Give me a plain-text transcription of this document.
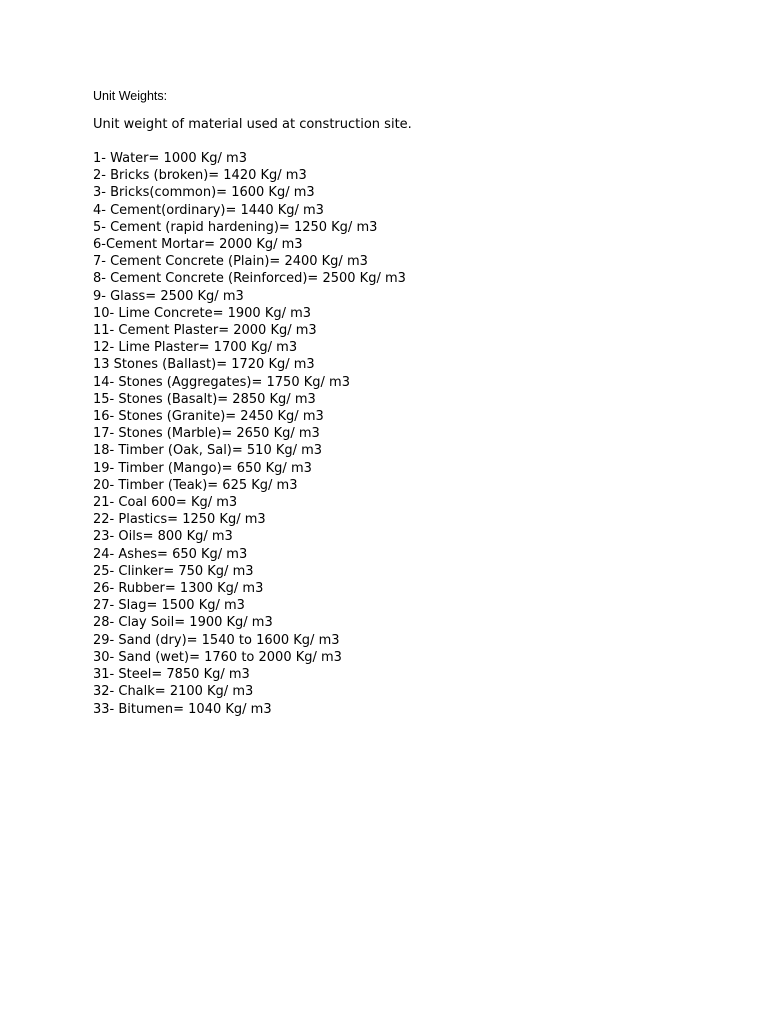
Unit Weights:
Unit weight of material used at construction site.
1- Water= 1000 Kg/ m3
2- Bricks (broken)= 1420 Kg/ m3
3- Bricks(common)= 1600 Kg/ m3
4- Cement(ordinary)= 1440 Kg/ m3
5- Cement (rapid hardening)= 1250 Kg/ m3
6-Cement Mortar= 2000 Kg/ m3
7- Cement Concrete (Plain)= 2400 Kg/ m3
8- Cement Concrete (Reinforced)= 2500 Kg/ m3
9- Glass= 2500 Kg/ m3
10- Lime Concrete= 1900 Kg/ m3
11- Cement Plaster= 2000 Kg/ m3
12- Lime Plaster= 1700 Kg/ m3
13 Stones (Ballast)= 1720 Kg/ m3
14- Stones (Aggregates)= 1750 Kg/ m3
15- Stones (Basalt)= 2850 Kg/ m3
16- Stones (Granite)= 2450 Kg/ m3
17- Stones (Marble)= 2650 Kg/ m3
18- Timber (Oak, Sal)= 510 Kg/ m3
19- Timber (Mango)= 650 Kg/ m3
20- Timber (Teak)= 625 Kg/ m3
21- Coal 600= Kg/ m3
22- Plastics= 1250 Kg/ m3
23- Oils= 800 Kg/ m3
24- Ashes= 650 Kg/ m3
25- Clinker= 750 Kg/ m3
26- Rubber= 1300 Kg/ m3
27- Slag= 1500 Kg/ m3
28- Clay Soil= 1900 Kg/ m3
29- Sand (dry)= 1540 to 1600 Kg/ m3
30- Sand (wet)= 1760 to 2000 Kg/ m3
31- Steel= 7850 Kg/ m3
32- Chalk= 2100 Kg/ m3
33- Bitumen= 1040 Kg/ m3
